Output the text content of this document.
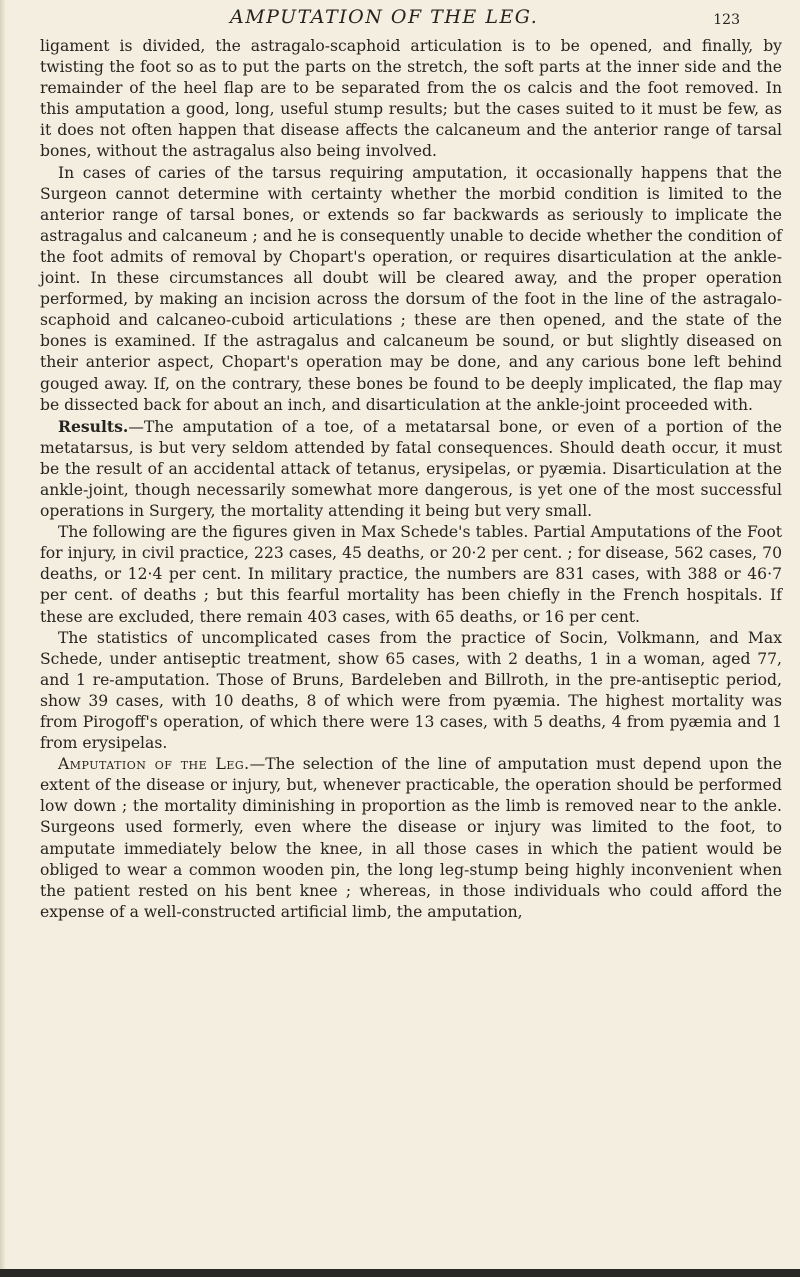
AMPUTATION OF THE LEG.	123

ligament is divided, the astragalo-scaphoid articulation is to be opened, and finally, by twisting the foot so as to put the parts on the stretch, the soft parts at the inner side and the remainder of the heel flap are to be separated from the os calcis and the foot removed. In this amputation a good, long, useful stump results; but the cases suited to it must be few, as it does not often happen that disease affects the calcaneum and the anterior range of tarsal bones, without the astragalus also being involved.

In cases of caries of the tarsus requiring amputation, it occasionally happens that the Surgeon cannot determine with certainty whether the morbid condition is limited to the anterior range of tarsal bones, or extends so far backwards as seriously to implicate the astragalus and calcaneum ; and he is consequently unable to decide whether the condition of the foot admits of removal by Chopart's operation, or requires disarticulation at the ankle-joint. In these circumstances all doubt will be cleared away, and the proper operation performed, by making an incision across the dorsum of the foot in the line of the astragalo-scaphoid and calcaneo-cuboid articulations ; these are then opened, and the state of the bones is examined. If the astragalus and calcaneum be sound, or but slightly diseased on their anterior aspect, Chopart's operation may be done, and any carious bone left behind gouged away. If, on the contrary, these bones be found to be deeply implicated, the flap may be dissected back for about an inch, and disarticulation at the ankle-joint proceeded with.

Results.—The amputation of a toe, of a metatarsal bone, or even of a portion of the metatarsus, is but very seldom attended by fatal consequences. Should death occur, it must be the result of an accidental attack of tetanus, erysipelas, or pyæmia. Disarticulation at the ankle-joint, though necessarily somewhat more dangerous, is yet one of the most successful operations in Surgery, the mortality attending it being but very small.

The following are the figures given in Max Schede's tables. Partial Amputations of the Foot for injury, in civil practice, 223 cases, 45 deaths, or 20·2 per cent. ; for disease, 562 cases, 70 deaths, or 12·4 per cent. In military practice, the numbers are 831 cases, with 388 or 46·7 per cent. of deaths ; but this fearful mortality has been chiefly in the French hospitals. If these are excluded, there remain 403 cases, with 65 deaths, or 16 per cent.

The statistics of uncomplicated cases from the practice of Socin, Volkmann, and Max Schede, under antiseptic treatment, show 65 cases, with 2 deaths, 1 in a woman, aged 77, and 1 re-amputation. Those of Bruns, Bardeleben and Billroth, in the pre-antiseptic period, show 39 cases, with 10 deaths, 8 of which were from pyæmia. The highest mortality was from Pirogoff's operation, of which there were 13 cases, with 5 deaths, 4 from pyæmia and 1 from erysipelas.

Amputation of the Leg.—The selection of the line of amputation must depend upon the extent of the disease or injury, but, whenever practicable, the operation should be performed low down ; the mortality diminishing in proportion as the limb is removed near to the ankle. Surgeons used formerly, even where the disease or injury was limited to the foot, to amputate immediately below the knee, in all those cases in which the patient would be obliged to wear a common wooden pin, the long leg-stump being highly inconvenient when the patient rested on his bent knee ; whereas, in those individuals who could afford the expense of a well-constructed artificial limb, the amputation,
